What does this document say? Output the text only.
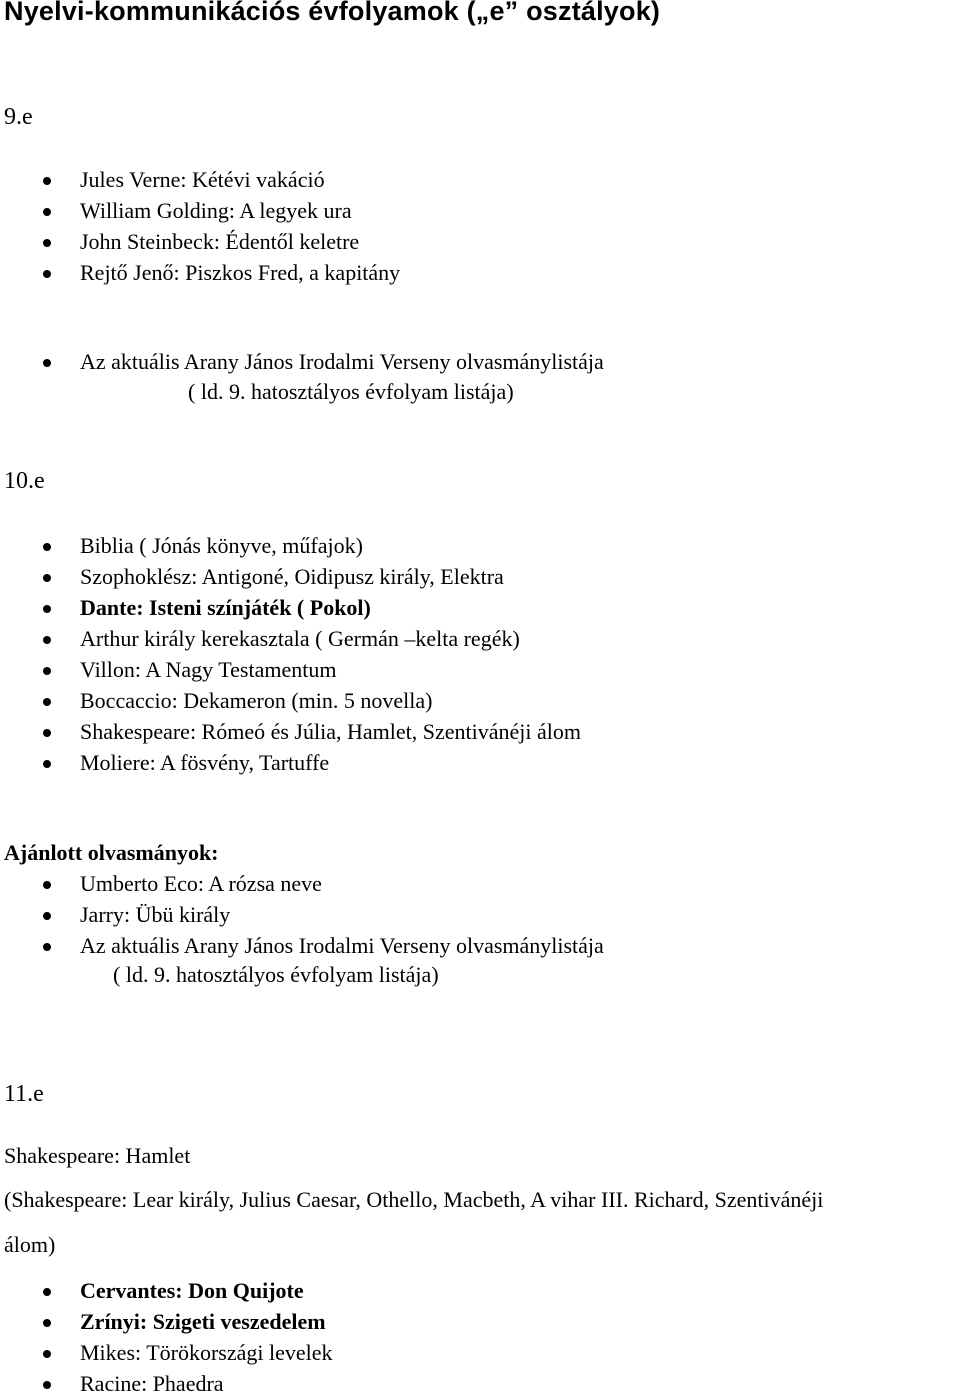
Nyelvi-kommunikációs évfolyamok („e” osztályok)
9.e
Jules Verne: Kétévi vakáció
William Golding: A legyek ura
John Steinbeck: Édentől keletre
Rejtő Jenő: Piszkos Fred, a kapitány
Az aktuális Arany János Irodalmi Verseny olvasmánylistája
( ld. 9. hatosztályos évfolyam listája)
10.e
Biblia ( Jónás könyve, műfajok)
Szophoklész: Antigoné, Oidipusz király, Elektra
Dante: Isteni színjáték ( Pokol)
Arthur király kerekasztala ( Germán –kelta regék)
Villon: A Nagy Testamentum
Boccaccio: Dekameron (min. 5 novella)
Shakespeare: Rómeó és Júlia, Hamlet, Szentivánéji álom
Moliere: A fösvény, Tartuffe
Ajánlott olvasmányok:
Umberto Eco: A rózsa neve
Jarry: Übü király
Az aktuális Arany János Irodalmi Verseny olvasmánylistája
( ld. 9. hatosztályos évfolyam listája)
11.e
Shakespeare: Hamlet
(Shakespeare: Lear király, Julius Caesar, Othello, Macbeth, A vihar III. Richard, Szentivánéji
álom)
Cervantes: Don Quijote
Zrínyi: Szigeti veszedelem
Mikes: Törökországi levelek
Racine: Phaedra
